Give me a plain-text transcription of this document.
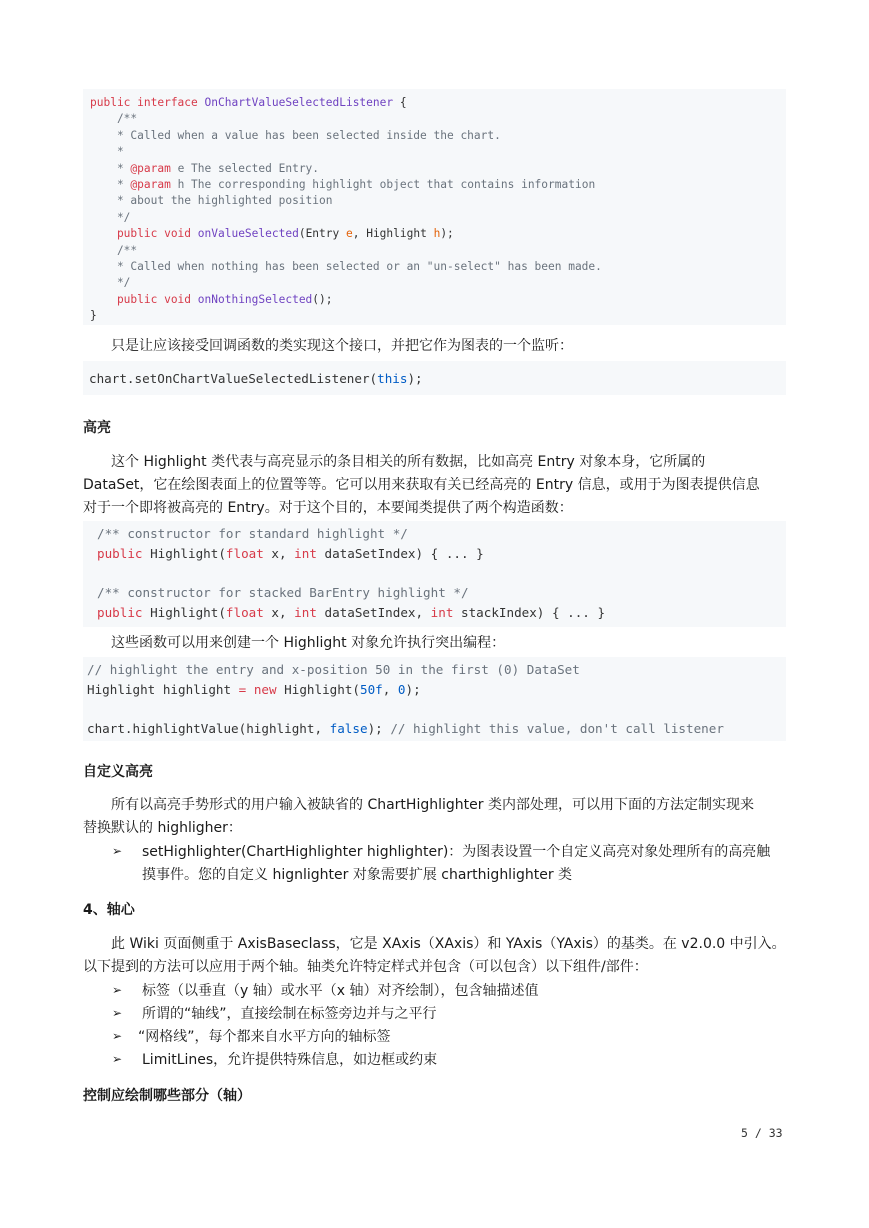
public interface OnChartValueSelectedListener {
/**
* Called when a value has been selected inside the chart.
*
* @param e The selected Entry.
* @param h The corresponding highlight object that contains information
* about the highlighted position
*/
public void onValueSelected(Entry e, Highlight h);
/**
* Called when nothing has been selected or an "un-select" has been made.
*/
public void onNothingSelected();
}
只是让应该接受回调函数的类实现这个接口，并把它作为图表的一个监听：
chart.setOnChartValueSelectedListener(this);
高亮
这个 Highlight 类代表与高亮显示的条目相关的所有数据，比如高亮 Entry 对象本身，它所属的
DataSet，它在绘图表面上的位置等等。它可以用来获取有关已经高亮的 Entry 信息，或用于为图表提供信息
对于一个即将被高亮的 Entry。对于这个目的，本要闻类提供了两个构造函数：
/** constructor for standard highlight */
public Highlight(float x, int dataSetIndex) { ... }
/** constructor for stacked BarEntry highlight */
public Highlight(float x, int dataSetIndex, int stackIndex) { ... }
这些函数可以用来创建一个 Highlight 对象允许执行突出编程：
// highlight the entry and x-position 50 in the first (0) DataSet
Highlight highlight = new Highlight(50f, 0);
chart.highlightValue(highlight, false); // highlight this value, don't call listener
自定义高亮
所有以高亮手势形式的用户输入被缺省的 ChartHighlighter 类内部处理，可以用下面的方法定制实现来
替换默认的 highligher：
➢ setHighlighter(ChartHighlighter highlighter)：为图表设置一个自定义高亮对象处理所有的高亮触
摸事件。您的自定义 hignlighter 对象需要扩展 charthighlighter 类
4、轴心
此 Wiki 页面侧重于 AxisBaseclass，它是 XAxis（XAxis）和 YAxis（YAxis）的基类。在 v2.0.0 中引入。
以下提到的方法可以应用于两个轴。轴类允许特定样式并包含（可以包含）以下组件/部件：
➢ 标签（以垂直（y 轴）或水平（x 轴）对齐绘制），包含轴描述值
➢ 所谓的“轴线”，直接绘制在标签旁边并与之平行
➢ “网格线”，每个都来自水平方向的轴标签
➢ LimitLines，允许提供特殊信息，如边框或约束
控制应绘制哪些部分（轴）
5 / 33
